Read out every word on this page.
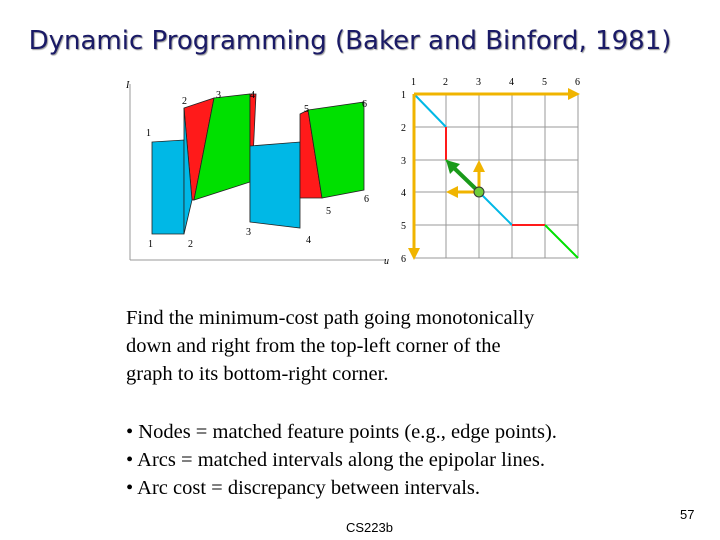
Dynamic Programming (Baker and Binford, 1981)
I
u
2
3	4
5	6
1
6
1	2
3
4
5
1	2	3	4	5	6
1
2
3
4
5
6
Find the minimum-cost path going monotonically
down and right from the top-left corner of the
graph to its bottom-right corner.
• Nodes = matched feature points (e.g., edge points).
• Arcs = matched intervals along the epipolar lines.
• Arc cost = discrepancy between intervals.
CS223b
57
